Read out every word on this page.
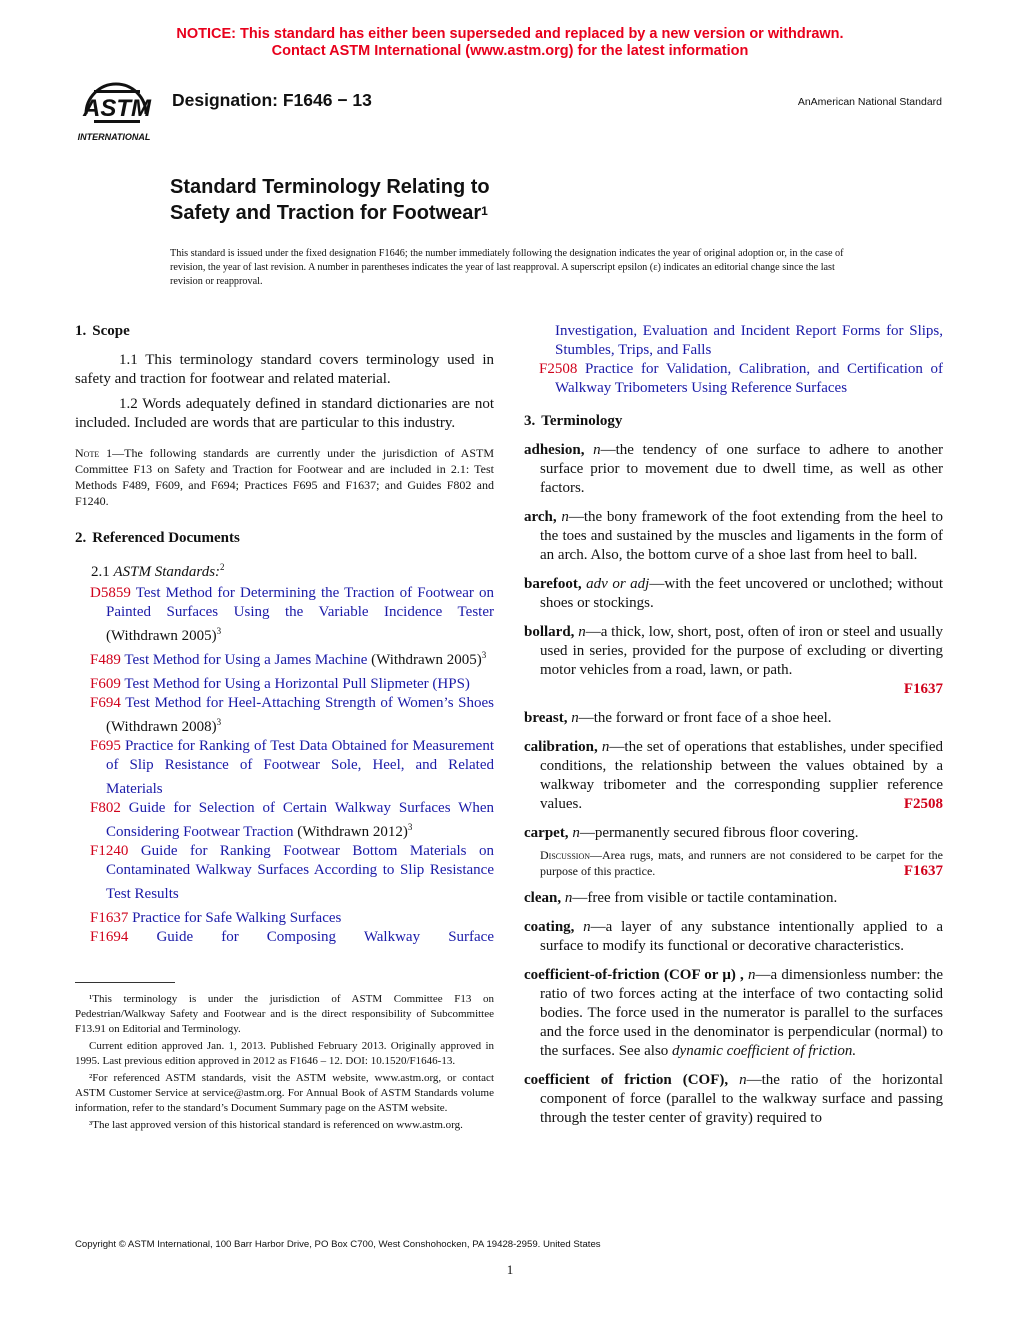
NOTICE: This standard has either been superseded and replaced by a new version or withdrawn.
Contact ASTM International (www.astm.org) for the latest information
ASTM
INTERNATIONAL
Designation: F1646 − 13	AnAmerican National Standard
Standard Terminology Relating to
Safety and Traction for Footwear$^1$
This standard is issued under the fixed designation F1646; the number immediately following the designation indicates the year of original adoption or, in the case of revision, the year of last revision. A number in parentheses indicates the year of last reapproval. A superscript epsilon (ε) indicates an editorial change since the last revision or reapproval.
1. Scope

1.1 This terminology standard covers terminology used in safety and traction for footwear and related material.

1.2 Words adequately defined in standard dictionaries are not included. Included are words that are particular to this industry.

Note 1—The following standards are currently under the jurisdiction of ASTM Committee F13 on Safety and Traction for Footwear and are included in 2.1: Test Methods F489, F609, and F694; Practices F695 and F1637; and Guides F802 and F1240.
2. Referenced Documents
2.1 ASTM Standards:$^2$
D5859 Test Method for Determining the Traction of Footwear on Painted Surfaces Using the Variable Incidence Tester (Withdrawn 2005)$^3$
F489 Test Method for Using a James Machine (Withdrawn 2005)$^3$
F609 Test Method for Using a Horizontal Pull Slipmeter (HPS)
F694 Test Method for Heel-Attaching Strength of Women’s Shoes (Withdrawn 2008)$^3$
F695 Practice for Ranking of Test Data Obtained for Measurement of Slip Resistance of Footwear Sole, Heel, and Related Materials
F802 Guide for Selection of Certain Walkway Surfaces When Considering Footwear Traction (Withdrawn 2012)$^3$
F1240 Guide for Ranking Footwear Bottom Materials on Contaminated Walkway Surfaces According to Slip Resistance Test Results
F1637 Practice for Safe Walking Surfaces
F1694 Guide for Composing Walkway Surface

¹This terminology is under the jurisdiction of ASTM Committee F13 on Pedestrian/Walkway Safety and Footwear and is the direct responsibility of Subcommittee F13.91 on Editorial and Terminology.

Current edition approved Jan. 1, 2013. Published February 2013. Originally approved in 1995. Last previous edition approved in 2012 as F1646 – 12. DOI: 10.1520/F1646-13.

²For referenced ASTM standards, visit the ASTM website, www.astm.org, or contact ASTM Customer Service at service@astm.org. For Annual Book of ASTM Standards volume information, refer to the standard’s Document Summary page on the ASTM website.

³The last approved version of this historical standard is referenced on www.astm.org.

Investigation, Evaluation and Incident Report Forms for Slips, Stumbles, Trips, and Falls
F2508 Practice for Validation, Calibration, and Certification of Walkway Tribometers Using Reference Surfaces
3. Terminology

adhesion, n—the tendency of one surface to adhere to another surface prior to movement due to dwell time, as well as other factors.

arch, n—the bony framework of the foot extending from the heel to the toes and sustained by the muscles and ligaments in the form of an arch. Also, the bottom curve of a shoe last from heel to ball.

barefoot, adv or adj—with the feet uncovered or unclothed; without shoes or stockings.

bollard, n—a thick, low, short, post, often of iron or steel and usually used in series, provided for the purpose of excluding or diverting motor vehicles from a road, lawn, or path.
F1637

breast, n—the forward or front face of a shoe heel.

calibration, n—the set of operations that establishes, under specified conditions, the relationship between the values obtained by a walkway tribometer and the corresponding supplier reference values.	F2508

carpet, n—permanently secured fibrous floor covering.

Discussion—Area rugs, mats, and runners are not considered to be carpet for the purpose of this practice.	F1637

clean, n—free from visible or tactile contamination.

coating, n—a layer of any substance intentionally applied to a surface to modify its functional or decorative characteristics.

coefficient-of-friction (COF or μ) , n—a dimensionless number: the ratio of two forces acting at the interface of two contacting solid bodies. The force used in the numerator is parallel to the surfaces and the force used in the denominator is perpendicular (normal) to the surfaces. See also dynamic coefficient of friction.

coefficient of friction (COF), n—the ratio of the horizontal component of force (parallel to the walkway surface and passing through the tester center of gravity) required to

Copyright © ASTM International, 100 Barr Harbor Drive, PO Box C700, West Conshohocken, PA 19428-2959. United States
1
